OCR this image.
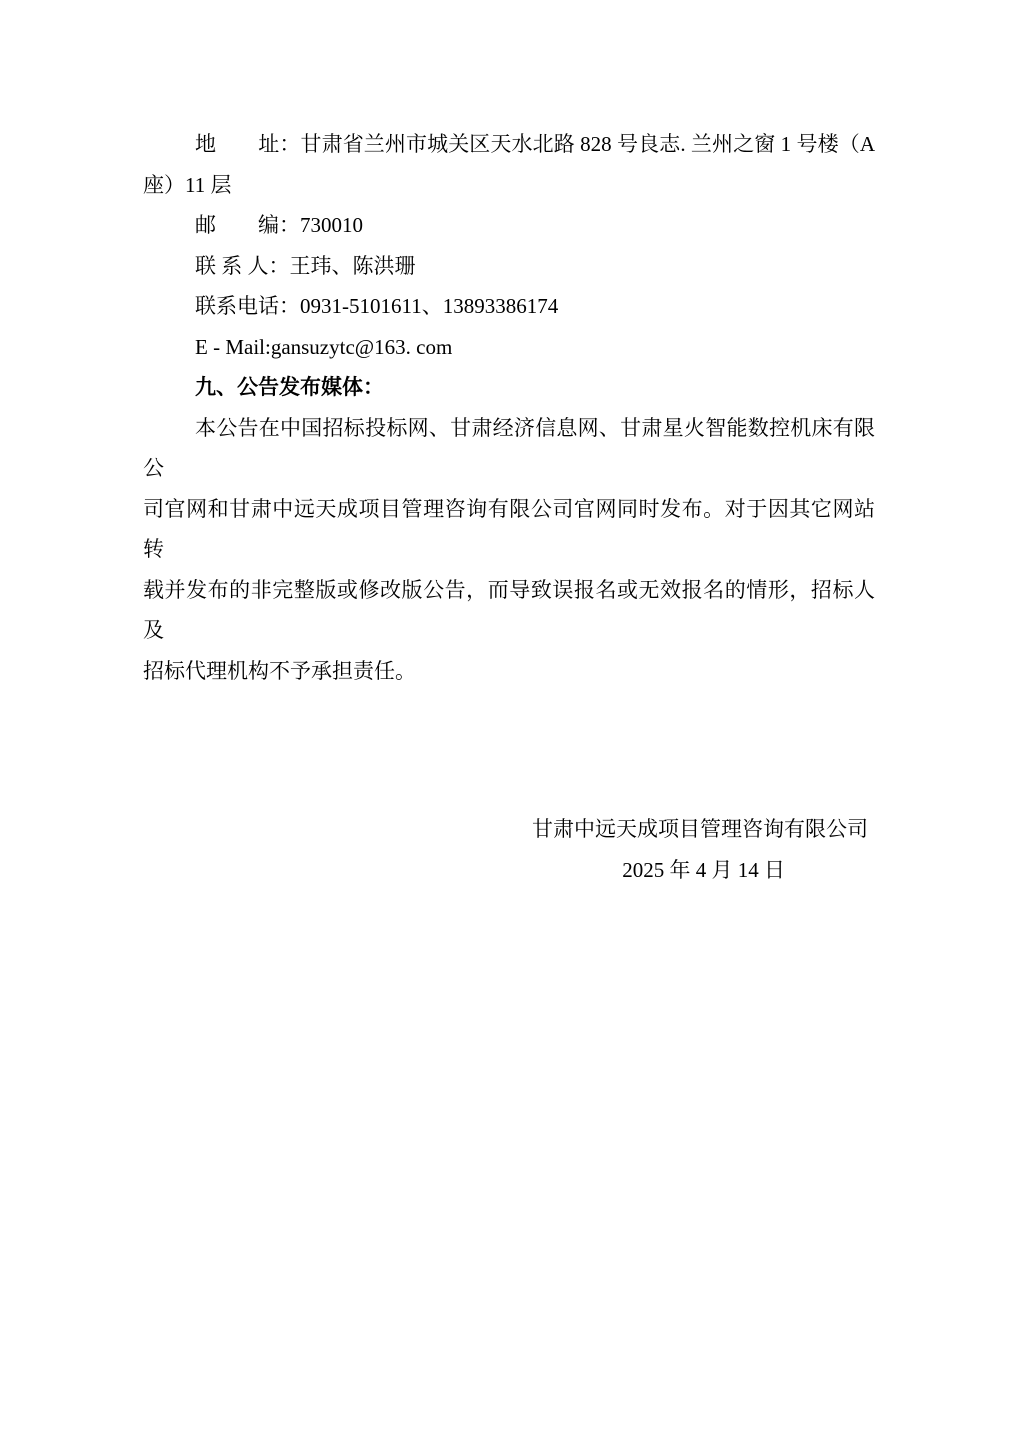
地　　址：甘肃省兰州市城关区天水北路 828 号良志. 兰州之窗 1 号楼（A
座）11 层
邮　　编：730010
联 系 人：王玮、陈洪珊
联系电话：0931-5101611、13893386174
E - Mail:gansuzytc@163. com
九、公告发布媒体：
本公告在中国招标投标网、甘肃经济信息网、甘肃星火智能数控机床有限公
司官网和甘肃中远天成项目管理咨询有限公司官网同时发布。对于因其它网站转
载并发布的非完整版或修改版公告，而导致误报名或无效报名的情形，招标人及
招标代理机构不予承担责任。
甘肃中远天成项目管理咨询有限公司
2025 年 4 月 14 日
